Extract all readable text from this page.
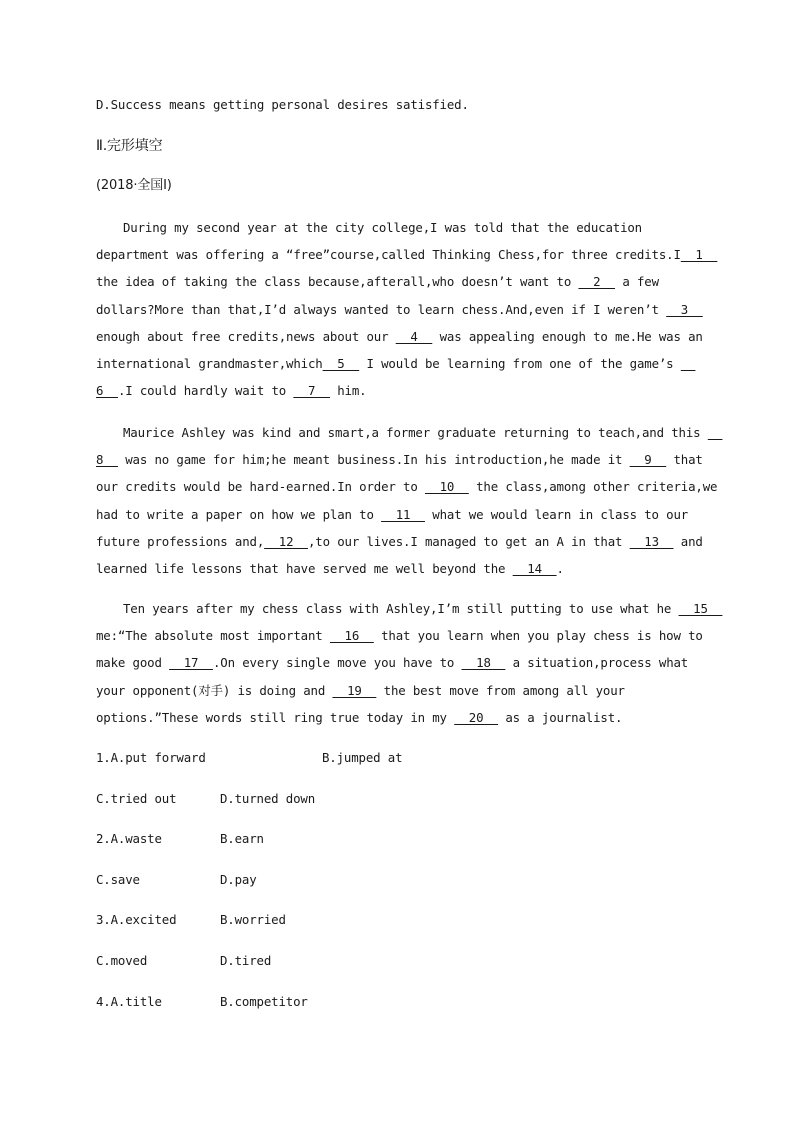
D.Success means getting personal desires satisfied.
Ⅱ.完形填空
(2018·全国Ⅰ)
During my second year at the city college,I was told that the education
department was offering a “free”course,called Thinking Chess,for three credits.I  1
the idea of taking the class because,afterall,who doesn’t want to   2   a few
dollars?More than that,I’d always wanted to learn chess.And,even if I weren’t   3
enough about free credits,news about our   4   was appealing enough to me.He was an
international grandmaster,which  5   I would be learning from one of the game’s
6  .I could hardly wait to   7   him.
Maurice Ashley was kind and smart,a former graduate returning to teach,and this
8   was no game for him;he meant business.In his introduction,he made it   9   that
our credits would be hard-earned.In order to   10   the class,among other criteria,we
had to write a paper on how we plan to   11   what we would learn in class to our
future professions and,  12  ,to our lives.I managed to get an A in that   13   and
learned life lessons that have served me well beyond the   14  .
Ten years after my chess class with Ashley,I’m still putting to use what he   15
me:“The absolute most important   16   that you learn when you play chess is how to
make good   17  .On every single move you have to   18   a situation,process what
your opponent(对手) is doing and   19   the best move from among all your
options.”These words still ring true today in my   20   as a journalist.
1.A.put forward	B.jumped at
C.tried out	D.turned down
2.A.waste	B.earn
C.save	D.pay
3.A.excited	B.worried
C.moved	D.tired
4.A.title	B.competitor
